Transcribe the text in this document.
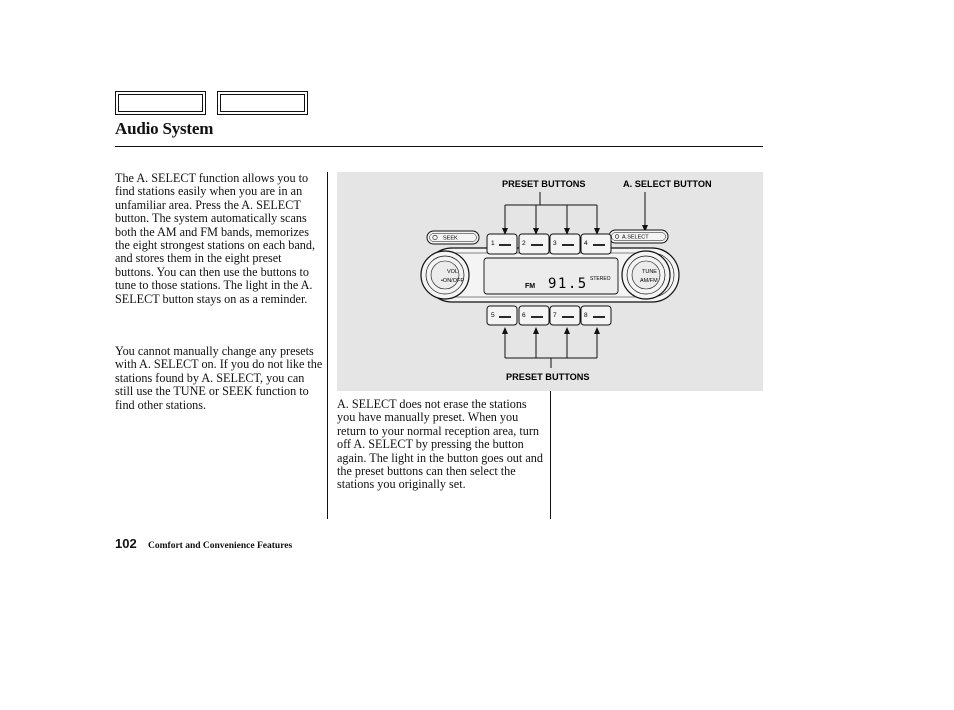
Audio System

The A. SELECT function allows you to find stations easily when you are in an unfamiliar area. Press the A. SELECT button. The system automatically scans both the AM and FM bands, memorizes the eight strongest stations on each band, and stores them in the eight preset buttons. You can then use the buttons to tune to those stations. The light in the A. SELECT button stays on as a reminder.

You cannot manually change any presets with A. SELECT on. If you do not like the stations found by A. SELECT, you can still use the TUNE or SEEK function to find other stations.	A. SELECT does not erase the stations you have manually preset. When you return to your normal reception area, turn off A. SELECT by pressing the button again. The light in the button goes out and the preset buttons can then select the stations you originally set.

PRESET BUTTONS	A. SELECT BUTTON
PRESET BUTTONS
SEEK	A.SELECT
1	2	3	4
5	6	7	8
VOL
•ON/OFF
TUNE
AM/FM
FM 91.5 STEREO
102 Comfort and Convenience Features
